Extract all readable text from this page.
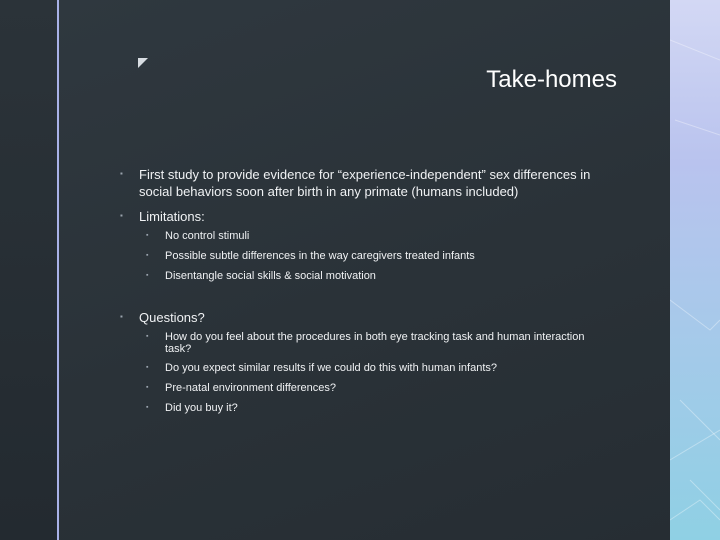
Take-homes
▪ First study to provide evidence for “experience-independent” sex differences in social behaviors soon after birth in any primate (humans included)
▪ Limitations:
▪ No control stimuli
▪ Possible subtle differences in the way caregivers treated infants
▪ Disentangle social skills & social motivation
▪ Questions?
▪ How do you feel about the procedures in both eye tracking task and human interaction task?
▪ Do you expect similar results if we could do this with human infants?
▪ Pre-natal environment differences?
▪ Did you buy it?
